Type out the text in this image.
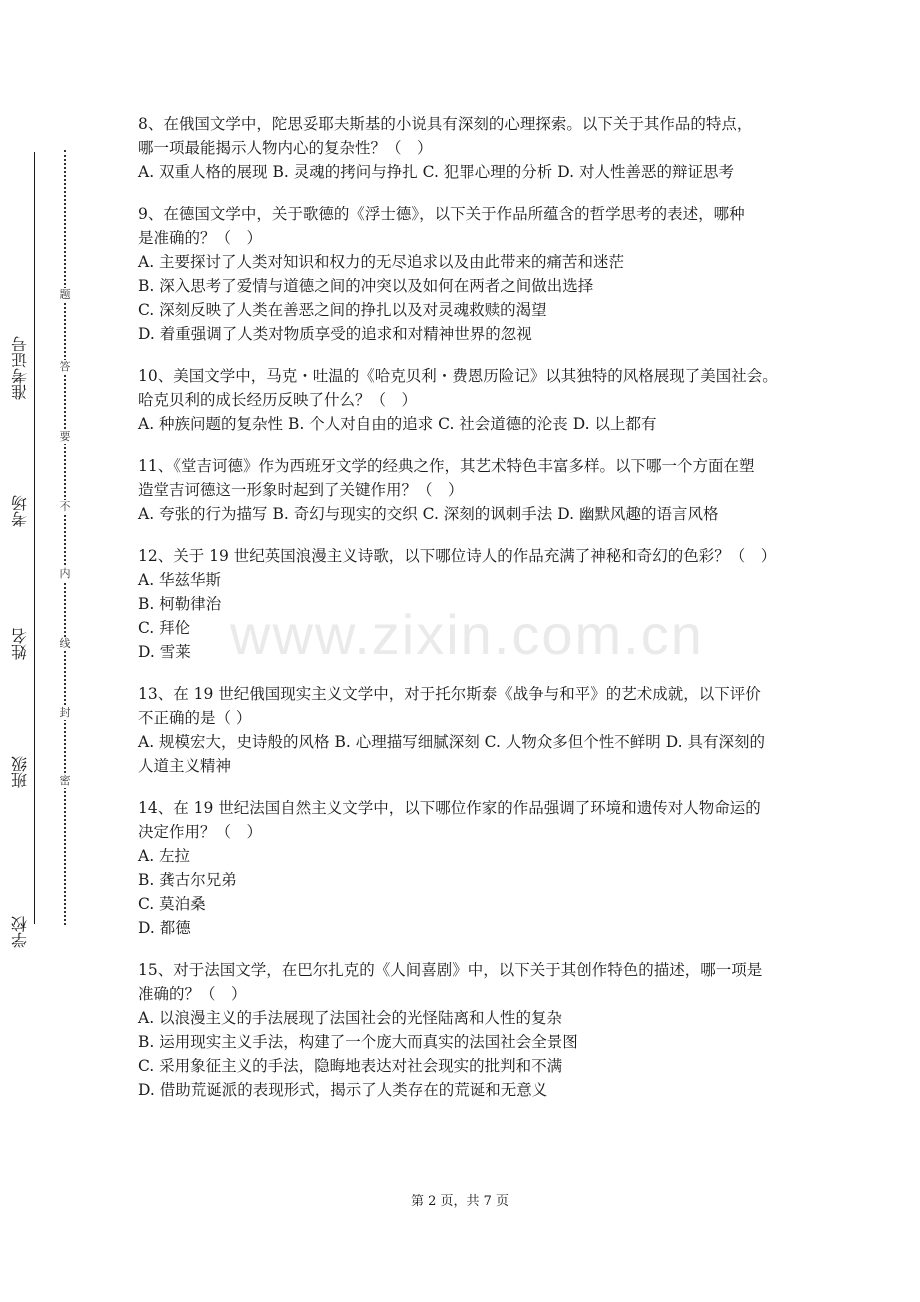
学校
班级
姓名
考场
准考证号
密
封
线
内
不
要
答
题
8、在俄国文学中，陀思妥耶夫斯基的小说具有深刻的心理探索。以下关于其作品的特点，
哪一项最能揭示人物内心的复杂性？（　）
A. 双重人格的展现 B. 灵魂的拷问与挣扎 C. 犯罪心理的分析 D. 对人性善恶的辩证思考
9、在德国文学中，关于歌德的《浮士德》，以下关于作品所蕴含的哲学思考的表述，哪种
是准确的？（　）
A. 主要探讨了人类对知识和权力的无尽追求以及由此带来的痛苦和迷茫
B. 深入思考了爱情与道德之间的冲突以及如何在两者之间做出选择
C. 深刻反映了人类在善恶之间的挣扎以及对灵魂救赎的渴望
D. 着重强调了人类对物质享受的追求和对精神世界的忽视
10、美国文学中，马克・吐温的《哈克贝利・费恩历险记》以其独特的风格展现了美国社会。
哈克贝利的成长经历反映了什么？（　）
A. 种族问题的复杂性 B. 个人对自由的追求 C. 社会道德的沦丧 D. 以上都有
11、《堂吉诃德》作为西班牙文学的经典之作，其艺术特色丰富多样。以下哪一个方面在塑
造堂吉诃德这一形象时起到了关键作用？（　）
A. 夸张的行为描写 B. 奇幻与现实的交织 C. 深刻的讽刺手法 D. 幽默风趣的语言风格
12、关于 19 世纪英国浪漫主义诗歌，以下哪位诗人的作品充满了神秘和奇幻的色彩？（　）
A. 华兹华斯
B. 柯勒律治
C. 拜伦
D. 雪莱
13、在 19 世纪俄国现实主义文学中，对于托尔斯泰《战争与和平》的艺术成就，以下评价
不正确的是（ ）
A. 规模宏大，史诗般的风格 B. 心理描写细腻深刻 C. 人物众多但个性不鲜明 D. 具有深刻的
人道主义精神
14、在 19 世纪法国自然主义文学中，以下哪位作家的作品强调了环境和遗传对人物命运的
决定作用？（　）
A. 左拉
B. 龚古尔兄弟
C. 莫泊桑
D. 都德
15、对于法国文学，在巴尔扎克的《人间喜剧》中，以下关于其创作特色的描述，哪一项是
准确的？（　）
A. 以浪漫主义的手法展现了法国社会的光怪陆离和人性的复杂
B. 运用现实主义手法，构建了一个庞大而真实的法国社会全景图
C. 采用象征主义的手法，隐晦地表达对社会现实的批判和不满
D. 借助荒诞派的表现形式，揭示了人类存在的荒诞和无意义
www.zixin.com.cn
第 2 页，共 7 页
